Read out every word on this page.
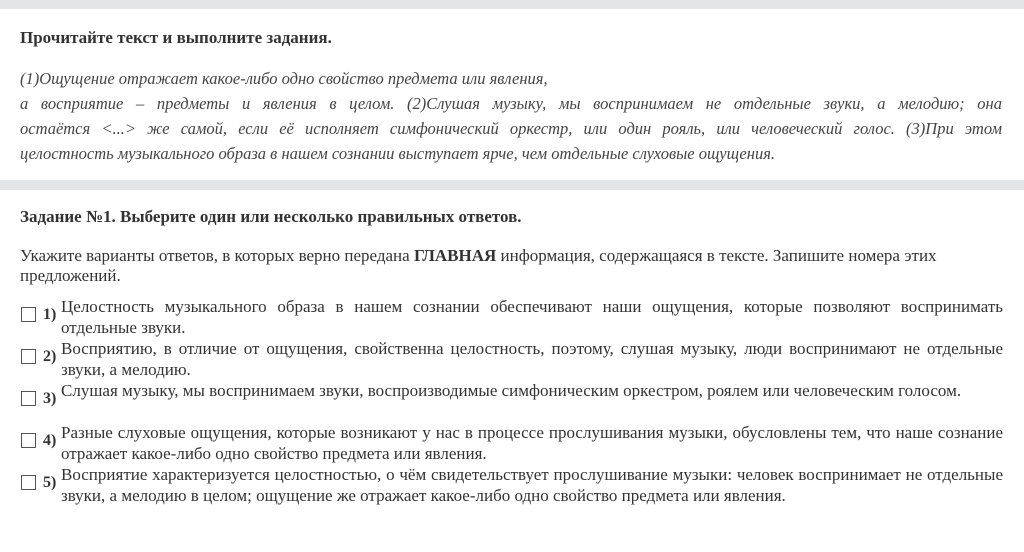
Прочитайте текст и выполните задания.

(1)Ощущение отражает какое-либо одно свойство предмета или явления,
а восприятие – предметы и явления в целом. (2)Слушая музыку, мы воспринимаем не отдельные звуки, а мелодию; она
остаётся <...> же самой, если её исполняет симфонический оркестр, или один рояль, или человеческий голос. (3)При этом
целостность музыкального образа в нашем сознании выступает ярче, чем отдельные слуховые ощущения.

Задание №1. Выберите один или несколько правильных ответов.

Укажите варианты ответов, в которых верно передана ГЛАВНАЯ информация, содержащаяся в тексте. Запишите номера этих предложений.
1) Целостность музыкального образа в нашем сознании обеспечивают наши ощущения, которые позволяют воспринимать отдельные звуки.
2) Восприятию, в отличие от ощущения, свойственна целостность, поэтому, слушая музыку, люди воспринимают не отдельные звуки, а мелодию.
3) Слушая музыку, мы воспринимаем звуки, воспроизводимые симфоническим оркестром, роялем или человеческим голосом.
4) Разные слуховые ощущения, которые возникают у нас в процессе прослушивания музыки, обусловлены тем, что наше сознание отражает какое-либо одно свойство предмета или явления.
5) Восприятие характеризуется целостностью, о чём свидетельствует прослушивание музыки: человек воспринимает не отдельные звуки, а мелодию в целом; ощущение же отражает какое-либо одно свойство предмета или явления.
